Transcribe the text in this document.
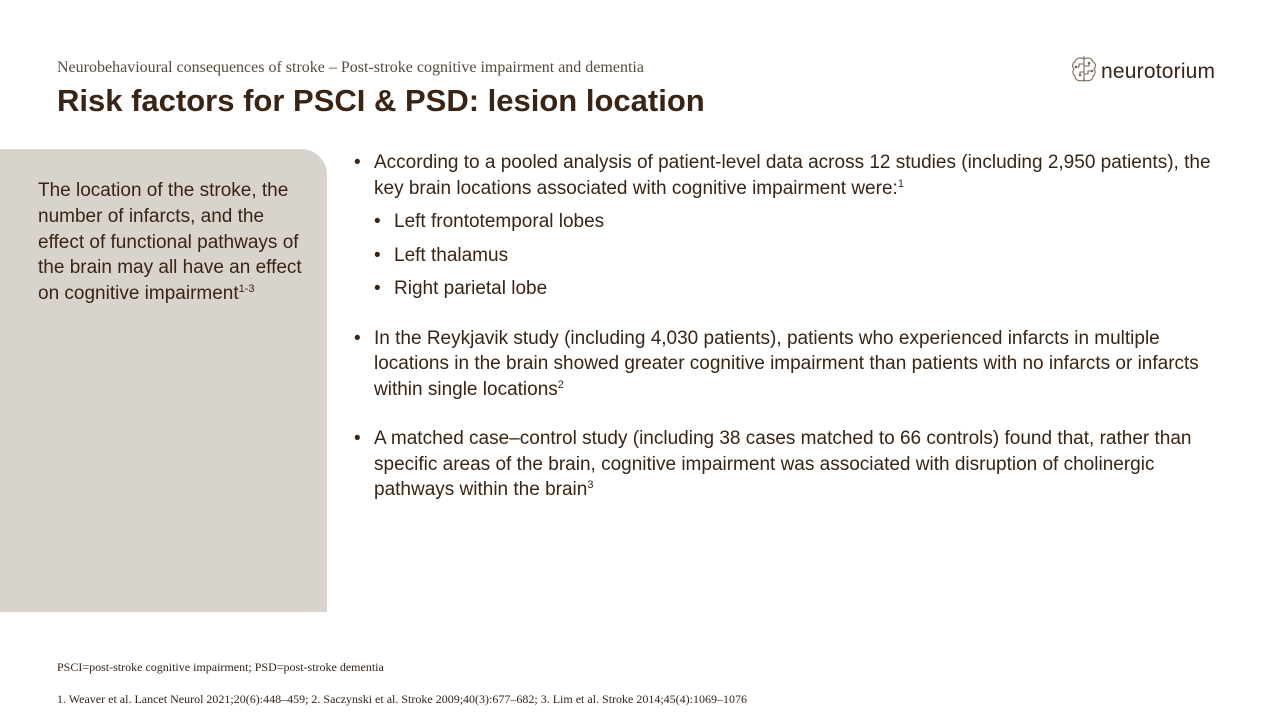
Neurobehavioural consequences of stroke – Post-stroke cognitive impairment and dementia
Risk factors for PSCI & PSD: lesion location
neurotorium
The location of the stroke, the number of infarcts, and the effect of functional pathways of the brain may all have an effect on cognitive impairment$^{1-3}$
• According to a pooled analysis of patient-level data across 12 studies (including 2,950 patients), the key brain locations associated with cognitive impairment were:$^1$
• Left frontotemporal lobes
• Left thalamus
• Right parietal lobe
• In the Reykjavik study (including 4,030 patients), patients who experienced infarcts in multiple locations in the brain showed greater cognitive impairment than patients with no infarcts or infarcts within single locations$^2$
• A matched case–control study (including 38 cases matched to 66 controls) found that, rather than specific areas of the brain, cognitive impairment was associated with disruption of cholinergic pathways within the brain$^3$
PSCI=post-stroke cognitive impairment; PSD=post-stroke dementia
1. Weaver et al. Lancet Neurol 2021;20(6):448–459; 2. Saczynski et al. Stroke 2009;40(3):677–682; 3. Lim et al. Stroke 2014;45(4):1069–1076
